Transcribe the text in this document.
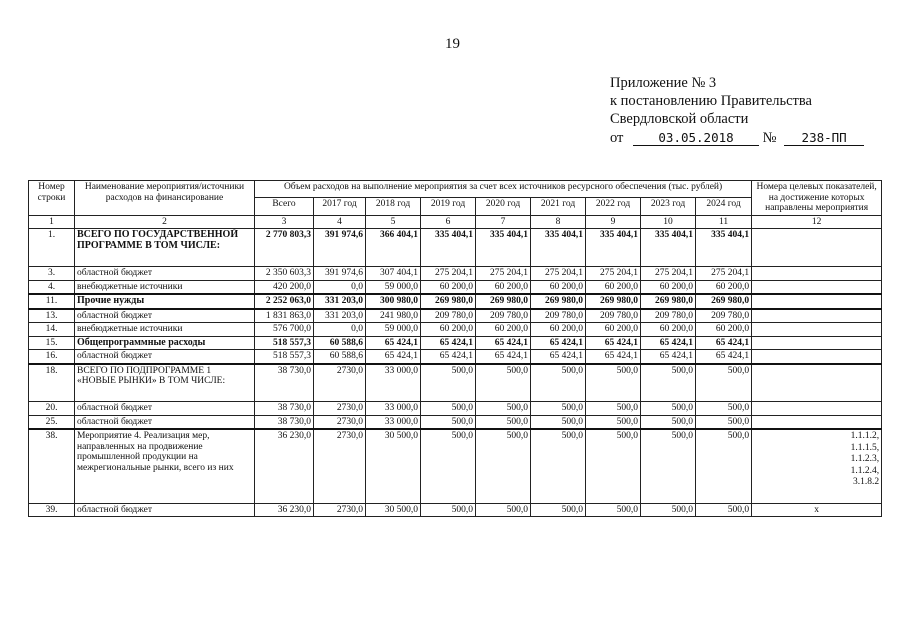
19
Приложение № 3
к постановлению Правительства
Свердловской области
от	03.05.2018 № 238-ПП
Номер строки	Наименование мероприятия/источники расходов на финансирование	Объем расходов на выполнение мероприятия за счет всех источников ресурсного обеспечения (тыс. рублей)									Номера целевых показателей, на достижение которых направлены мероприятия
		Всего	2017 год	2018 год	2019 год	2020 год	2021 год	2022 год	2023 год	2024 год	
1	2	3	4	5	6	7	8	9	10	11	12
1.	ВСЕГО ПО ГОСУДАРСТВЕННОЙ ПРОГРАММЕ В ТОМ ЧИСЛЕ:	2 770 803,3	391 974,6	366 404,1	335 404,1	335 404,1	335 404,1	335 404,1	335 404,1	335 404,1	
3.	областной бюджет	2 350 603,3	391 974,6	307 404,1	275 204,1	275 204,1	275 204,1	275 204,1	275 204,1	275 204,1	
4.	внебюджетные источники	420 200,0	0,0	59 000,0	60 200,0	60 200,0	60 200,0	60 200,0	60 200,0	60 200,0	
11.	Прочие нужды	2 252 063,0	331 203,0	300 980,0	269 980,0	269 980,0	269 980,0	269 980,0	269 980,0	269 980,0	
13.	областной бюджет	1 831 863,0	331 203,0	241 980,0	209 780,0	209 780,0	209 780,0	209 780,0	209 780,0	209 780,0	
14.	внебюджетные источники	576 700,0	0,0	59 000,0	60 200,0	60 200,0	60 200,0	60 200,0	60 200,0	60 200,0	
15.	Общепрограммные расходы	518 557,3	60 588,6	65 424,1	65 424,1	65 424,1	65 424,1	65 424,1	65 424,1	65 424,1	
16.	областной бюджет	518 557,3	60 588,6	65 424,1	65 424,1	65 424,1	65 424,1	65 424,1	65 424,1	65 424,1	
18.	ВСЕГО ПО ПОДПРОГРАММЕ 1 «НОВЫЕ РЫНКИ» В ТОМ ЧИСЛЕ:	38 730,0	2730,0	33 000,0	500,0	500,0	500,0	500,0	500,0	500,0	
20.	областной бюджет	38 730,0	2730,0	33 000,0	500,0	500,0	500,0	500,0	500,0	500,0	
25.	областной бюджет	38 730,0	2730,0	33 000,0	500,0	500,0	500,0	500,0	500,0	500,0	
38.	Мероприятие 4. Реализация мер, направленных на продвижение промышленной продукции на межрегиональные рынки, всего из них	36 230,0	2730,0	30 500,0	500,0	500,0	500,0	500,0	500,0	500,0	1.1.1.2,
1.1.1.5,
1.1.2.3,
1.1.2.4,
3.1.8.2

39.	областной бюджет	36 230,0	2730,0	30 500,0	500,0	500,0	500,0	500,0	500,0	500,0	х
